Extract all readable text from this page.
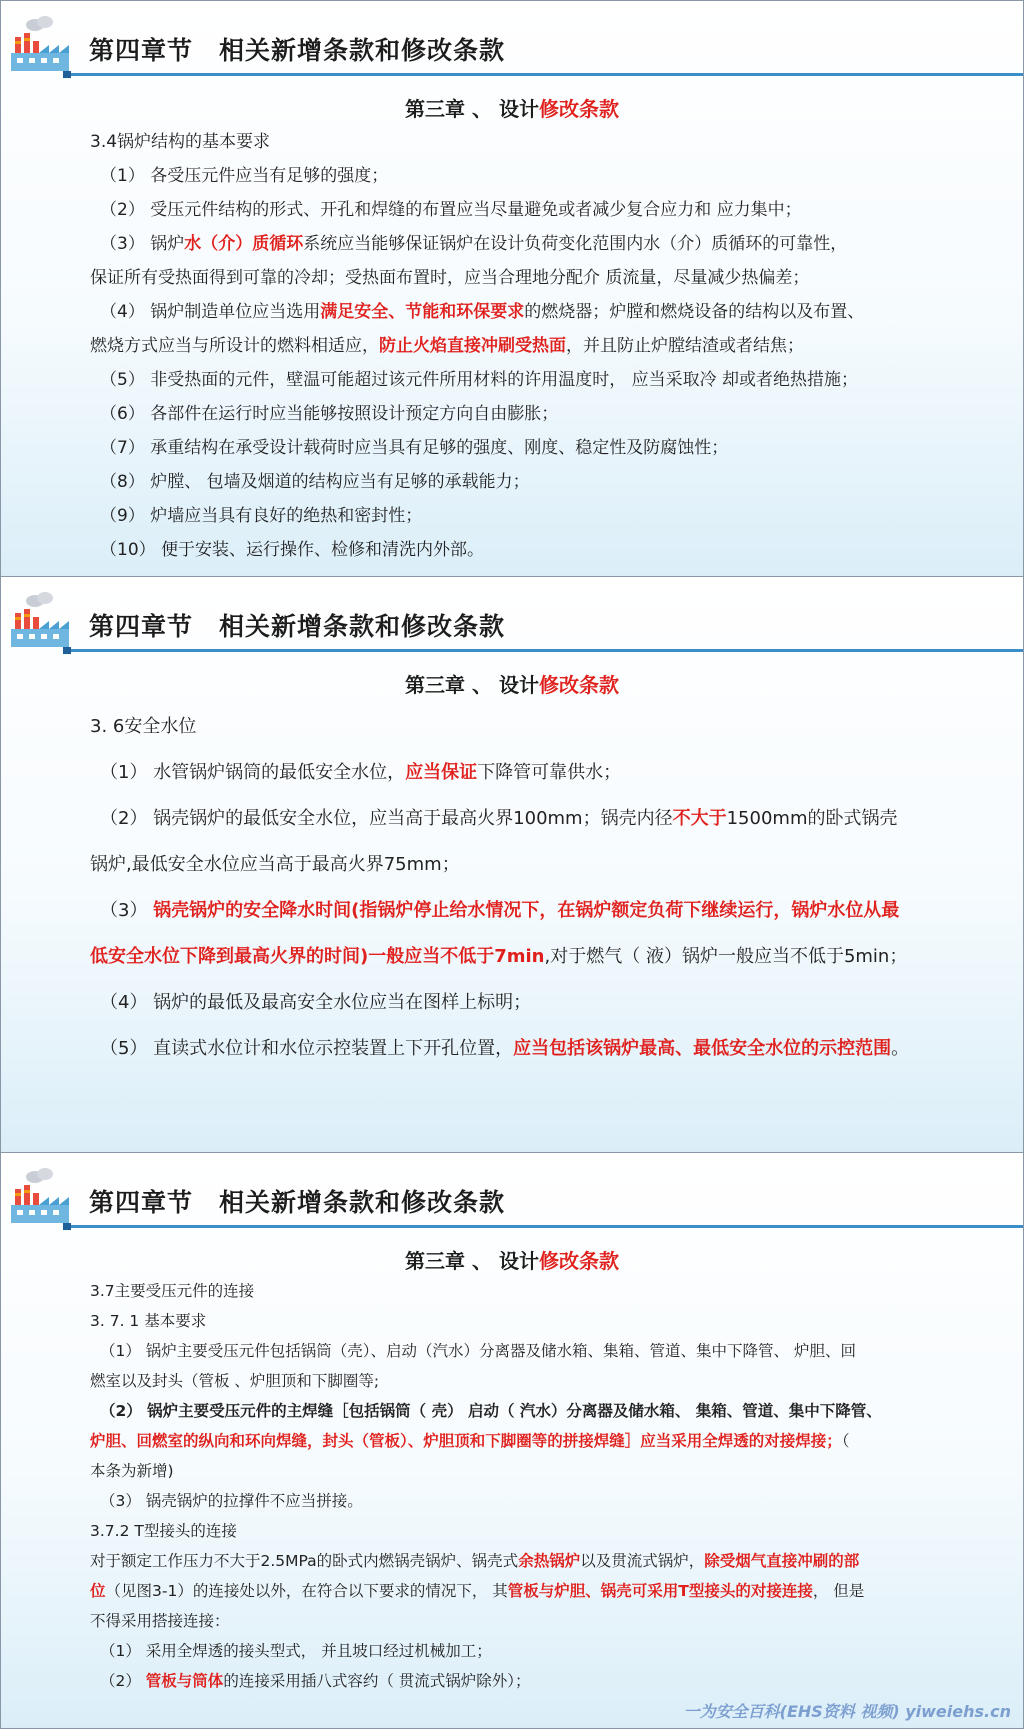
第四章节　相关新增条款和修改条款
第三章 、 设计修改条款
3.4锅炉结构的基本要求
（1） 各受压元件应当有足够的强度；
（2） 受压元件结构的形式、开孔和焊缝的布置应当尽量避免或者减少复合应力和 应力集中；
（3） 锅炉水（介）质循环系统应当能够保证锅炉在设计负荷变化范围内水（介）质循环的可靠性，
保证所有受热面得到可靠的冷却；受热面布置时，应当合理地分配介 质流量，尽量减少热偏差；
（4） 锅炉制造单位应当选用满足安全、节能和环保要求的燃烧器；炉膛和燃烧设备的结构以及布置、
燃烧方式应当与所设计的燃料相适应，防止火焰直接冲刷受热面，并且防止炉膛结渣或者结焦；
（5） 非受热面的元件，壁温可能超过该元件所用材料的许用温度时， 应当采取冷 却或者绝热措施；
（6） 各部件在运行时应当能够按照设计预定方向自由膨胀；
（7） 承重结构在承受设计载荷时应当具有足够的强度、刚度、稳定性及防腐蚀性；
（8） 炉膛、 包墙及烟道的结构应当有足够的承载能力；
（9） 炉墙应当具有良好的绝热和密封性；
（10） 便于安装、运行操作、检修和清洗内外部。
第四章节　相关新增条款和修改条款
第三章 、 设计修改条款
3. 6安全水位
（1） 水管锅炉锅筒的最低安全水位，应当保证下降管可靠供水；
（2） 锅壳锅炉的最低安全水位，应当高于最高火界100mm；锅壳内径不大于1500mm的卧式锅壳
锅炉,最低安全水位应当高于最高火界75mm；
（3） 锅壳锅炉的安全降水时间(指锅炉停止给水情况下，在锅炉额定负荷下继续运行，锅炉水位从最
低安全水位下降到最高火界的时间)一般应当不低于7min,对于燃气（ 液）锅炉一般应当不低于5min；
（4） 锅炉的最低及最高安全水位应当在图样上标明；
（5） 直读式水位计和水位示控装置上下开孔位置，应当包括该锅炉最高、最低安全水位的示控范围。
第四章节　相关新增条款和修改条款
第三章 、 设计修改条款
3.7主要受压元件的连接
3. 7. 1 基本要求
（1） 锅炉主要受压元件包括锅筒（壳）、启动（汽水）分离器及储水箱、集箱、管道、集中下降管、 炉胆、回
燃室以及封头（管板 、炉胆顶和下脚圈等;
（2） 锅炉主要受压元件的主焊缝［包括锅筒（ 壳） 启动（ 汽水）分离器及储水箱、 集箱、管道、集中下降管、
炉胆、回燃室的纵向和环向焊缝，封头（管板）、炉胆顶和下脚圈等的拼接焊缝］应当采用全焊透的对接焊接；（
本条为新增)
（3） 锅壳锅炉的拉撑件不应当拼接。
3.7.2 T型接头的连接
对于额定工作压力不大于2.5MPa的卧式内燃锅壳锅炉、锅壳式余热锅炉以及贯流式锅炉，除受烟气直接冲刷的部
位（见图3-1）的连接处以外，在符合以下要求的情况下， 其管板与炉胆、锅壳可采用T型接头的对接连接， 但是
不得采用搭接连接：
（1） 采用全焊透的接头型式， 并且坡口经过机械加工；
（2） 管板与筒体的连接采用插八式容约（ 贯流式锅炉除外）；
一为安全百科(EHS资料 视频) yiweiehs.cn
